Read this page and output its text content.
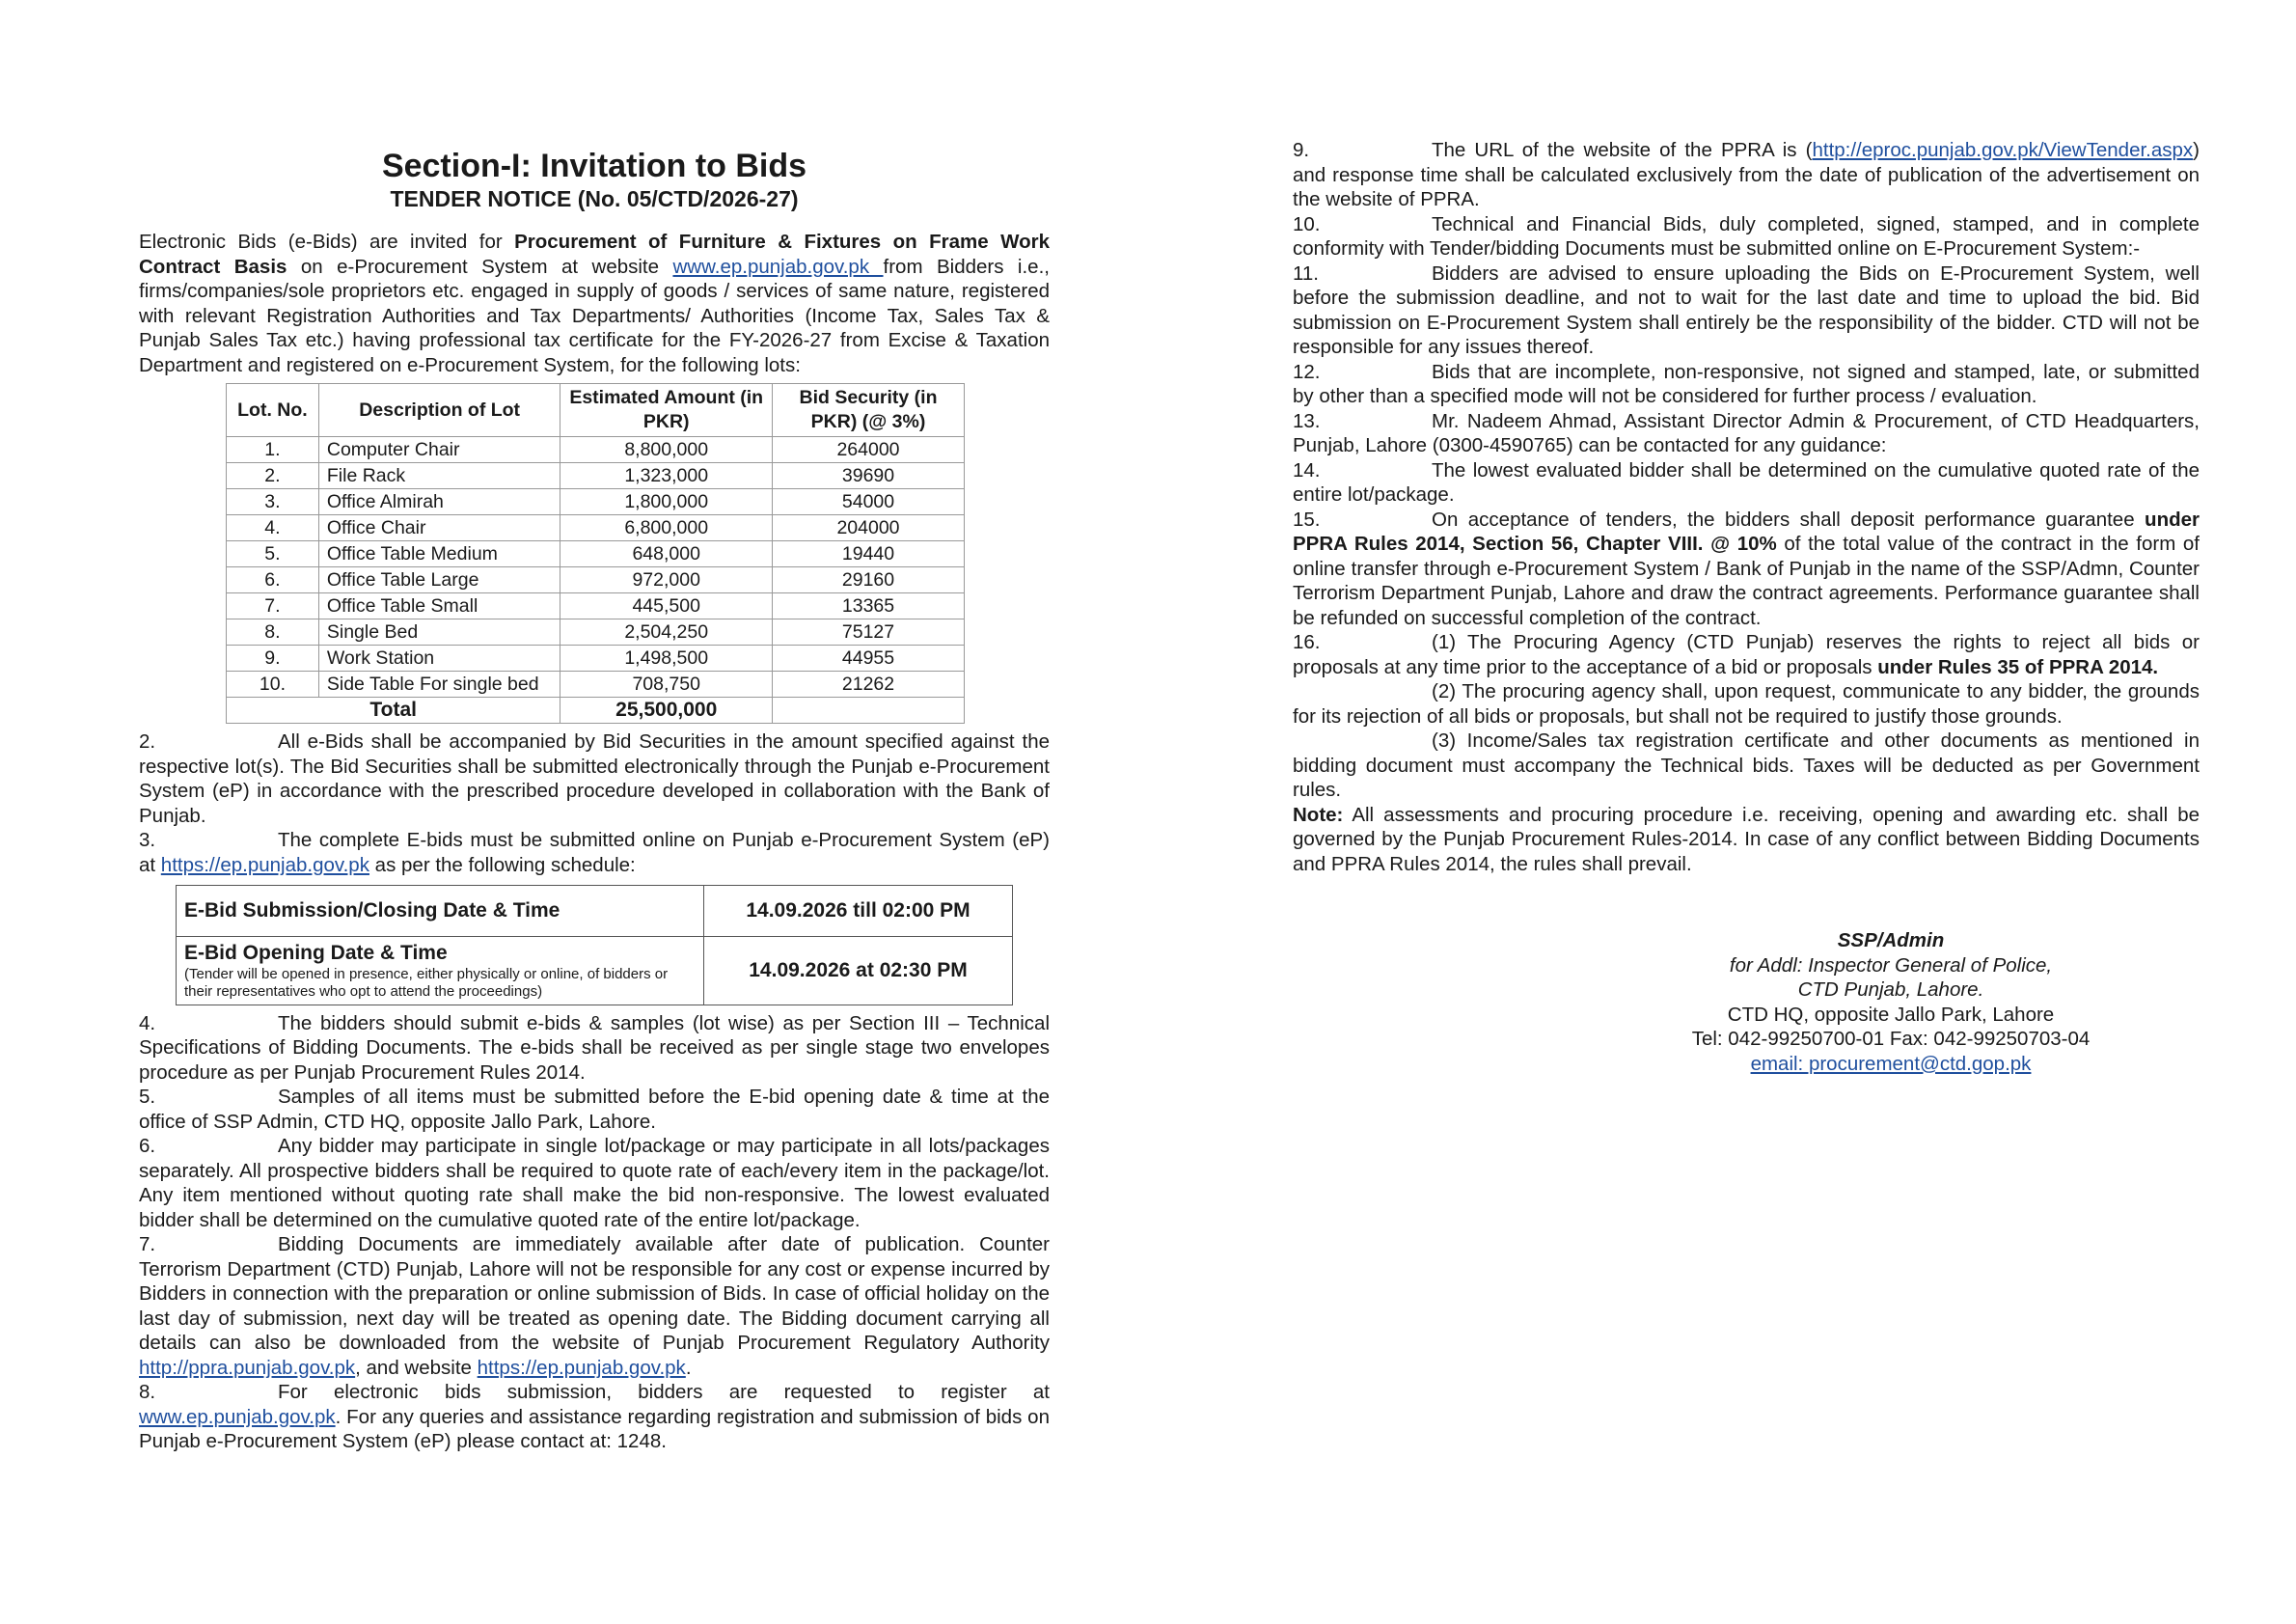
Section-I: Invitation to Bids
TENDER NOTICE (No. 05/CTD/2026-27)

Electronic Bids (e-Bids) are invited for Procurement of Furniture & Fixtures on Frame Work Contract Basis on e-Procurement System at website www.ep.punjab.gov.pk from Bidders i.e., firms/companies/sole proprietors etc. engaged in supply of goods / services of same nature, registered with relevant Registration Authorities and Tax Departments/ Authorities (Income Tax, Sales Tax & Punjab Sales Tax etc.) having professional tax certificate for the FY-2026-27 from Excise & Taxation Department and registered on e-Procurement System, for the following lots:

Lot. No.	Description of Lot	Estimated Amount (in PKR)	Bid Security (in PKR) (@ 3%)
1.	Computer Chair	8,800,000	264000
2.	File Rack	1,323,000	39690
3.	Office Almirah	1,800,000	54000
4.	Office Chair	6,800,000	204000
5.	Office Table Medium	648,000	19440
6.	Office Table Large	972,000	29160
7.	Office Table Small	445,500	13365
8.	Single Bed	2,504,250	75127
9.	Work Station	1,498,500	44955
10.	Side Table For single bed	708,750	21262
Total		25,500,000	

2.	All e-Bids shall be accompanied by Bid Securities in the amount specified against the respective lot(s). The Bid Securities shall be submitted electronically through the Punjab e-Procurement System (eP) in accordance with the prescribed procedure developed in collaboration with the Bank of Punjab.

3.	The complete E-bids must be submitted online on Punjab e-Procurement System (eP) at https://ep.punjab.gov.pk as per the following schedule:

E-Bid Submission/Closing Date & Time	14.09.2026 till 02:00 PM
E-Bid Opening Date & Time
(Tender will be opened in presence, either physically or online, of bidders or their representatives who opt to attend the proceedings)	14.09.2026 at 02:30 PM

4.	The bidders should submit e-bids & samples (lot wise) as per Section III – Technical Specifications of Bidding Documents. The e-bids shall be received as per single stage two envelopes procedure as per Punjab Procurement Rules 2014.

5.	Samples of all items must be submitted before the E-bid opening date & time at the office of SSP Admin, CTD HQ, opposite Jallo Park, Lahore.

6.	Any bidder may participate in single lot/package or may participate in all lots/packages separately. All prospective bidders shall be required to quote rate of each/every item in the package/lot. Any item mentioned without quoting rate shall make the bid non-responsive. The lowest evaluated bidder shall be determined on the cumulative quoted rate of the entire lot/package.

7.	Bidding Documents are immediately available after date of publication. Counter Terrorism Department (CTD) Punjab, Lahore will not be responsible for any cost or expense incurred by Bidders in connection with the preparation or online submission of Bids. In case of official holiday on the last day of submission, next day will be treated as opening date. The Bidding document carrying all details can also be downloaded from the website of Punjab Procurement Regulatory Authority http://ppra.punjab.gov.pk, and website https://ep.punjab.gov.pk.

8.	For electronic bids submission, bidders are requested to register at www.ep.punjab.gov.pk. For any queries and assistance regarding registration and submission of bids on Punjab e-Procurement System (eP) please contact at: 1248.

9.	The URL of the website of the PPRA is (http://eproc.punjab.gov.pk/ViewTender.aspx) and response time shall be calculated exclusively from the date of publication of the advertisement on the website of PPRA.

10.	Technical and Financial Bids, duly completed, signed, stamped, and in complete conformity with Tender/bidding Documents must be submitted online on E-Procurement System:-

11.	Bidders are advised to ensure uploading the Bids on E-Procurement System, well before the submission deadline, and not to wait for the last date and time to upload the bid. Bid submission on E-Procurement System shall entirely be the responsibility of the bidder. CTD will not be responsible for any issues thereof.

12.	Bids that are incomplete, non-responsive, not signed and stamped, late, or submitted by other than a specified mode will not be considered for further process / evaluation.

13.	Mr. Nadeem Ahmad, Assistant Director Admin & Procurement, of CTD Headquarters, Punjab, Lahore (0300-4590765) can be contacted for any guidance:

14.	The lowest evaluated bidder shall be determined on the cumulative quoted rate of the entire lot/package.

15.	On acceptance of tenders, the bidders shall deposit performance guarantee under PPRA Rules 2014, Section 56, Chapter VIII. @ 10% of the total value of the contract in the form of online transfer through e-Procurement System / Bank of Punjab in the name of the SSP/Admn, Counter Terrorism Department Punjab, Lahore and draw the contract agreements. Performance guarantee shall be refunded on successful completion of the contract.

16.	(1) The Procuring Agency (CTD Punjab) reserves the rights to reject all bids or proposals at any time prior to the acceptance of a bid or proposals under Rules 35 of PPRA 2014.

(2) The procuring agency shall, upon request, communicate to any bidder, the grounds for its rejection of all bids or proposals, but shall not be required to justify those grounds.

(3) Income/Sales tax registration certificate and other documents as mentioned in bidding document must accompany the Technical bids. Taxes will be deducted as per Government rules.

Note: All assessments and procuring procedure i.e. receiving, opening and awarding etc. shall be governed by the Punjab Procurement Rules-2014. In case of any conflict between Bidding Documents and PPRA Rules 2014, the rules shall prevail.

SSP/Admin
for Addl: Inspector General of Police,
CTD Punjab, Lahore.
CTD HQ, opposite Jallo Park, Lahore
Tel: 042-99250700-01 Fax: 042-99250703-04
email: procurement@ctd.gop.pk
